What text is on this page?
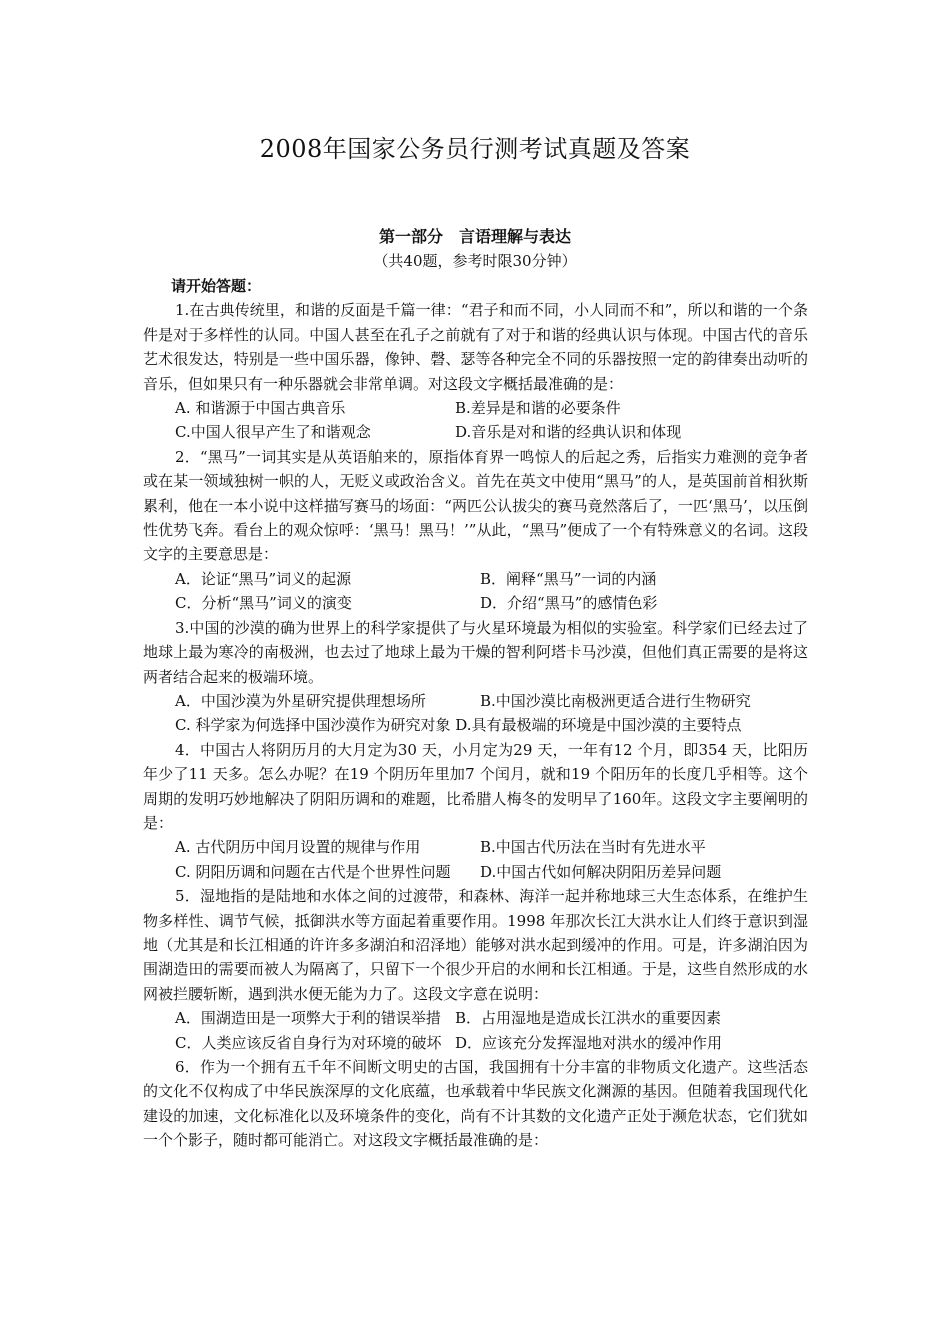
2008年国家公务员行测考试真题及答案
第一部分　言语理解与表达
（共40题，参考时限30分钟）

请开始答题：

1.在古典传统里，和谐的反面是千篇一律：“君子和而不同，小人同而不和”，所以和谐的一个条件是对于多样性的认同。中国人甚至在孔子之前就有了对于和谐的经典认识与体现。中国古代的音乐艺术很发达，特别是一些中国乐器，像钟、磬、瑟等各种完全不同的乐器按照一定的韵律奏出动听的音乐，但如果只有一种乐器就会非常单调。对这段文字概括最准确的是：

A. 和谐源于中国古典音乐	B.差异是和谐的必要条件
C.中国人很早产生了和谐观念	D.音乐是对和谐的经典认识和体现

2．“黑马”一词其实是从英语舶来的，原指体育界一鸣惊人的后起之秀，后指实力难测的竞争者或在某一领域独树一帜的人，无贬义或政治含义。首先在英文中使用“黑马”的人，是英国前首相狄斯累利，他在一本小说中这样描写赛马的场面：“两匹公认拔尖的赛马竟然落后了，一匹‘黑马’，以压倒性优势飞奔。看台上的观众惊呼：‘黑马！黑马！’”从此，“黑马”便成了一个有特殊意义的名词。这段文字的主要意思是：

A．论证“黑马”词义的起源	B．阐释“黑马”一词的内涵
C．分析“黑马”词义的演变	D．介绍“黑马”的感情色彩

3.中国的沙漠的确为世界上的科学家提供了与火星环境最为相似的实验室。科学家们已经去过了地球上最为寒冷的南极洲，也去过了地球上最为干燥的智利阿塔卡马沙漠，但他们真正需要的是将这两者结合起来的极端环境。

A．中国沙漠为外星研究提供理想场所	B.中国沙漠比南极洲更适合进行生物研究

C. 科学家为何选择中国沙漠作为研究对象 D.具有最极端的环境是中国沙漠的主要特点

4．中国古人将阴历月的大月定为30 天，小月定为29 天，一年有12 个月，即354 天，比阳历年少了11 天多。怎么办呢？在19 个阴历年里加7 个闰月，就和19 个阳历年的长度几乎相等。这个周期的发明巧妙地解决了阴阳历调和的难题，比希腊人梅冬的发明早了160年。这段文字主要阐明的是：

A. 古代阴历中闰月设置的规律与作用	B.中国古代历法在当时有先进水平
C. 阴阳历调和问题在古代是个世界性问题	D.中国古代如何解决阴阳历差异问题

5．湿地指的是陆地和水体之间的过渡带，和森林、海洋一起并称地球三大生态体系，在维护生物多样性、调节气候，抵御洪水等方面起着重要作用。1998 年那次长江大洪水让人们终于意识到湿地（尤其是和长江相通的许许多多湖泊和沼泽地）能够对洪水起到缓冲的作用。可是，许多湖泊因为围湖造田的需要而被人为隔离了，只留下一个很少开启的水闸和长江相通。于是，这些自然形成的水网被拦腰斩断，遇到洪水便无能为力了。这段文字意在说明：

A．围湖造田是一项弊大于利的错误举措 B．占用湿地是造成长江洪水的重要因素
C．人类应该反省自身行为对环境的破坏 D．应该充分发挥湿地对洪水的缓冲作用

6．作为一个拥有五千年不间断文明史的古国，我国拥有十分丰富的非物质文化遗产。这些活态的文化不仅构成了中华民族深厚的文化底蕴，也承载着中华民族文化渊源的基因。但随着我国现代化建设的加速，文化标准化以及环境条件的变化，尚有不计其数的文化遗产正处于濒危状态，它们犹如一个个影子，随时都可能消亡。对这段文字概括最准确的是：
